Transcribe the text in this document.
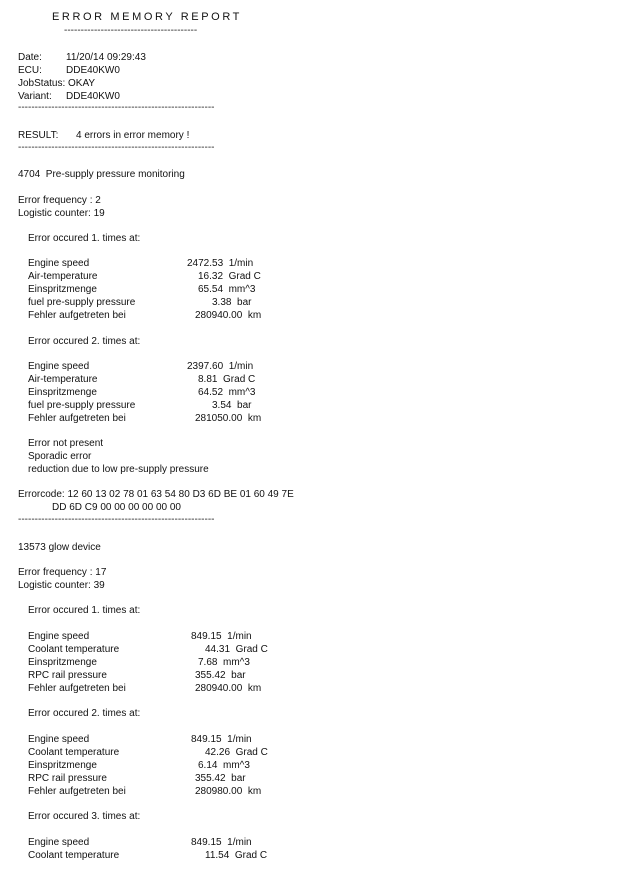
ERROR MEMORY REPORT
----------------------------------------
Date: 11/20/14 09:29:43
ECU: DDE40KW0
JobStatus: OKAY
Variant: DDE40KW0
-----------------------------------------------------------
RESULT: 4 errors in error memory !
-----------------------------------------------------------
4704  Pre-supply pressure monitoring
Error frequency : 2
Logistic counter: 19
Error occured 1. times at:
Engine speed	2472.53  1/min
Air-temperature	16.32  Grad C
Einspritzmenge	65.54  mm^3
fuel pre-supply pressure	3.38  bar
Fehler aufgetreten bei	280940.00  km
Error occured 2. times at:
Engine speed	2397.60  1/min
Air-temperature	8.81  Grad C
Einspritzmenge	64.52  mm^3
fuel pre-supply pressure	3.54  bar
Fehler aufgetreten bei	281050.00  km
Error not present
Sporadic error
reduction due to low pre-supply pressure
Errorcode: 12 60 13 02 78 01 63 54 80 D3 6D BE 01 60 49 7E
DD 6D C9 00 00 00 00 00 00
-----------------------------------------------------------
13573 glow device
Error frequency : 17
Logistic counter: 39
Error occured 1. times at:
Engine speed	849.15  1/min
Coolant temperature	44.31  Grad C
Einspritzmenge	7.68  mm^3
RPC rail pressure	355.42  bar
Fehler aufgetreten bei	280940.00  km
Error occured 2. times at:
Engine speed	849.15  1/min
Coolant temperature	42.26  Grad C
Einspritzmenge	6.14  mm^3
RPC rail pressure	355.42  bar
Fehler aufgetreten bei	280980.00  km
Error occured 3. times at:
Engine speed	849.15  1/min
Coolant temperature	11.54  Grad C
